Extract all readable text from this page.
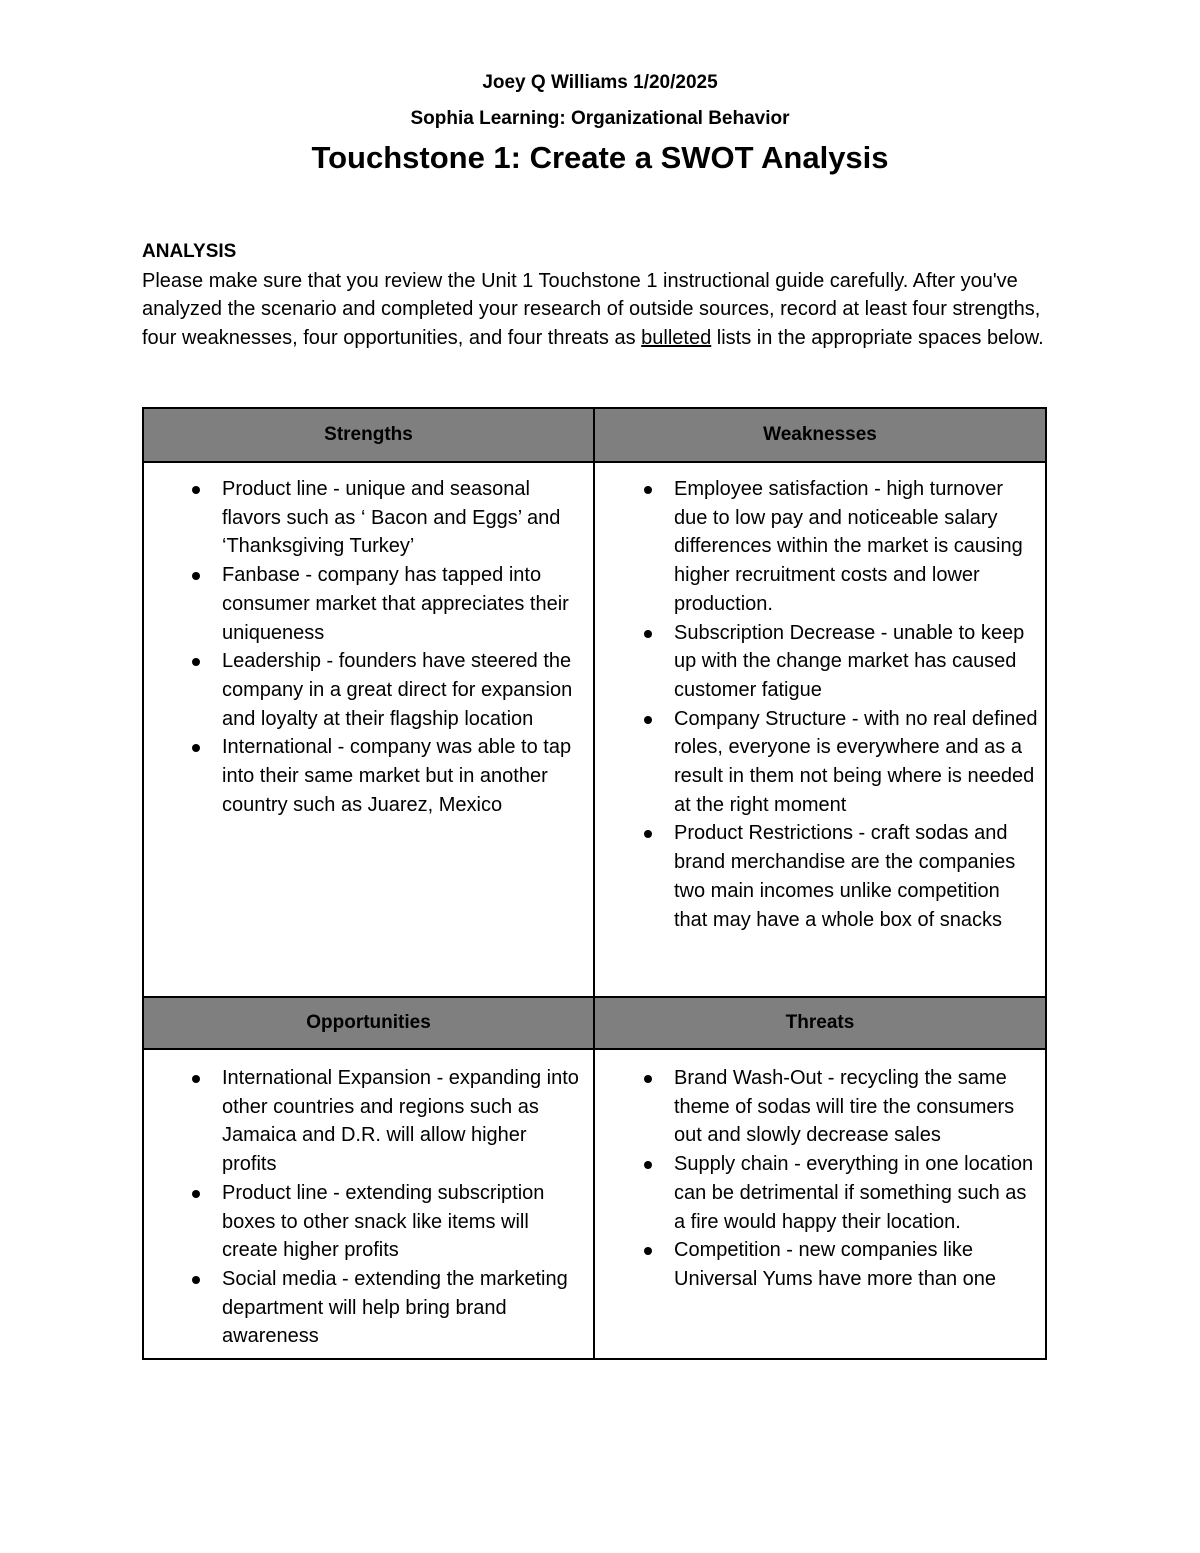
Joey Q Williams 1/20/2025
Sophia Learning: Organizational Behavior
Touchstone 1: Create a SWOT Analysis
ANALYSIS

Please make sure that you review the Unit 1 Touchstone 1 instructional guide carefully. After you've analyzed the scenario and completed your research of outside sources, record at least four strengths, four weaknesses, four opportunities, and four threats as bulleted lists in the appropriate spaces below.

Strengths	Weaknesses
Product line - unique and seasonal flavors such as ‘ Bacon and Eggs’ and ‘Thanksgiving Turkey’
Fanbase - company has tapped into consumer market that appreciates their uniqueness
Leadership - founders have steered the company in a great direct for expansion and loyalty at their flagship location
International - company was able to tap into their same market but in another country such as Juarez, Mexico
Employee satisfaction - high turnover due to low pay and noticeable salary differences within the market is causing higher recruitment costs and lower production.
Subscription Decrease - unable to keep up with the change market has caused customer fatigue
Company Structure - with no real defined roles, everyone is everywhere and as a result in them not being where is needed at the right moment
Product Restrictions - craft sodas and brand merchandise are the companies two main incomes unlike competition that may have a whole box of snacks
Opportunities	Threats
International Expansion - expanding into other countries and regions such as Jamaica and D.R. will allow higher profits
Product line - extending subscription boxes to other snack like items will create higher profits
Social media - extending the marketing department will help bring brand awareness
Brand Wash-Out - recycling the same theme of sodas will tire the consumers out and slowly decrease sales
Supply chain - everything in one location can be detrimental if something such as a fire would happy their location.
Competition - new companies like Universal Yums have more than one
